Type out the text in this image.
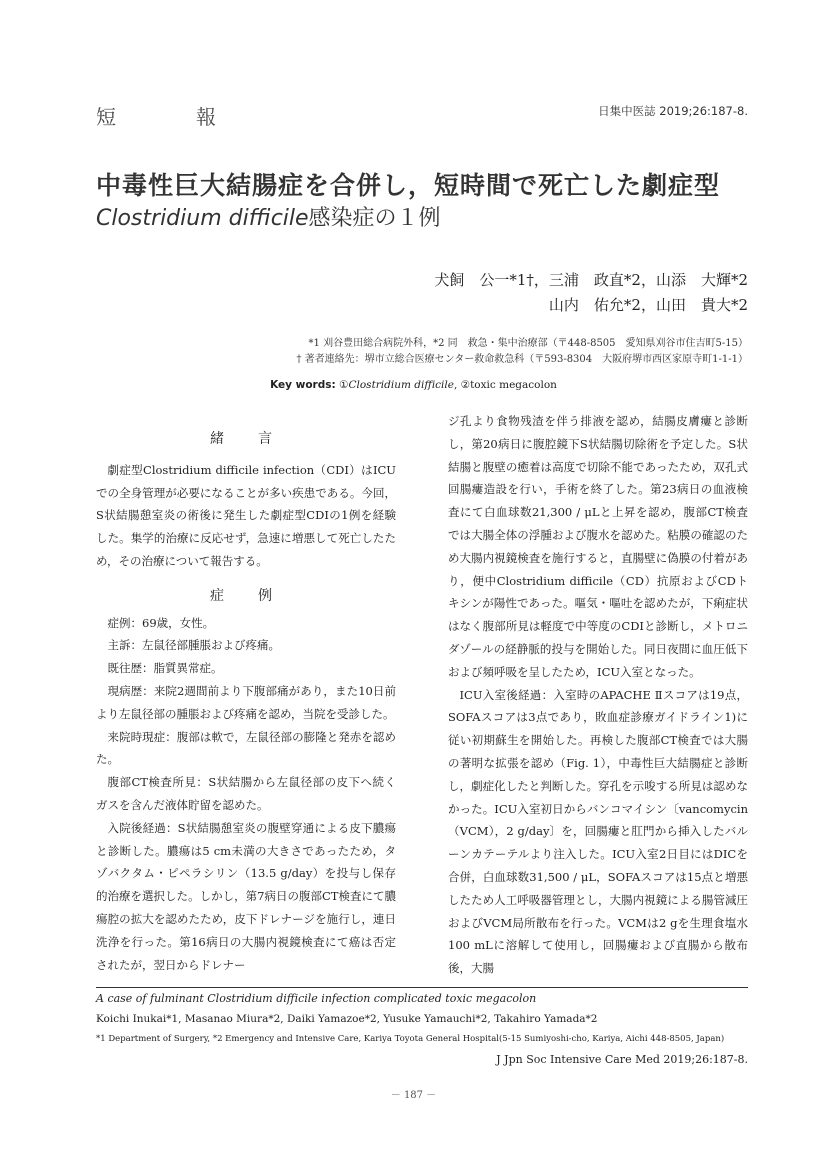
短　報	日集中医誌 2019;26:187-8.
中毒性巨大結腸症を合併し，短時間で死亡した劇症型
Clostridium difficile感染症の１例
犬飼　公一*1†，三浦　政直*2，山添　大輝*2
山内　佑允*2，山田　貴大*2
*1 刈谷豊田総合病院外科，*2 同　救急・集中治療部（〒448-8505　愛知県刈谷市住吉町5-15）
† 著者連絡先：堺市立総合医療センター救命救急科（〒593-8304　大阪府堺市西区家原寺町1-1-1）
Key words: ①Clostridium difficile, ②toxic megacolon

緒　言

劇症型Clostridium difficile infection（CDI）はICUでの全身管理が必要になることが多い疾患である。今回，S状結腸憩室炎の術後に発生した劇症型CDIの1例を経験した。集学的治療に反応せず，急速に増悪して死亡したため，その治療について報告する。

症　例

症例：69歳，女性。

主訴：左鼠径部腫脹および疼痛。

既往歴：脂質異常症。

現病歴：来院2週間前より下腹部痛があり，また10日前より左鼠径部の腫脹および疼痛を認め，当院を受診した。

来院時現症：腹部は軟で，左鼠径部の膨隆と発赤を認めた。

腹部CT検査所見：S状結腸から左鼠径部の皮下へ続くガスを含んだ液体貯留を認めた。

入院後経過：S状結腸憩室炎の腹壁穿通による皮下膿瘍と診断した。膿瘍は5 cm未満の大きさであったため，タゾバクタム・ピペラシリン（13.5 g/day）を投与し保存的治療を選択した。しかし，第7病日の腹部CT検査にて膿瘍腔の拡大を認めたため，皮下ドレナージを施行し，連日洗浄を行った。第16病日の大腸内視鏡検査にて癌は否定されたが，翌日からドレナー

ジ孔より食物残渣を伴う排液を認め，結腸皮膚瘻と診断し，第20病日に腹腔鏡下S状結腸切除術を予定した。S状結腸と腹壁の癒着は高度で切除不能であったため，双孔式回腸瘻造設を行い，手術を終了した。第23病日の血液検査にて白血球数21,300 / μLと上昇を認め，腹部CT検査では大腸全体の浮腫および腹水を認めた。粘膜の確認のため大腸内視鏡検査を施行すると，直腸壁に偽膜の付着があり，便中Clostridium difficile（CD）抗原およびCDトキシンが陽性であった。嘔気・嘔吐を認めたが，下痢症状はなく腹部所見は軽度で中等度のCDIと診断し，メトロニダゾールの経静脈的投与を開始した。同日夜間に血圧低下および頻呼吸を呈したため，ICU入室となった。

ICU入室後経過：入室時のAPACHE Ⅱスコアは19点，SOFAスコアは3点であり，敗血症診療ガイドライン1)に従い初期蘇生を開始した。再検した腹部CT検査では大腸の著明な拡張を認め（Fig. 1），中毒性巨大結腸症と診断し，劇症化したと判断した。穿孔を示唆する所見は認めなかった。ICU入室初日からバンコマイシン〔vancomycin（VCM），2 g/day〕を，回腸瘻と肛門から挿入したバルーンカテーテルより注入した。ICU入室2日目にはDICを合併，白血球数31,500 / μL，SOFAスコアは15点と増悪したため人工呼吸器管理とし，大腸内視鏡による腸管減圧およびVCM局所散布を行った。VCMは2 gを生理食塩水100 mLに溶解して使用し，回腸瘻および直腸から散布後，大腸

A case of fulminant Clostridium difficile infection complicated toxic megacolon
Koichi Inukai*1, Masanao Miura*2, Daiki Yamazoe*2, Yusuke Yamauchi*2, Takahiro Yamada*2
*1 Department of Surgery, *2 Emergency and Intensive Care, Kariya Toyota General Hospital(5-15 Sumiyoshi-cho, Kariya, Aichi 448-8505, Japan)
J Jpn Soc Intensive Care Med 2019;26:187-8.
－ 187 －
